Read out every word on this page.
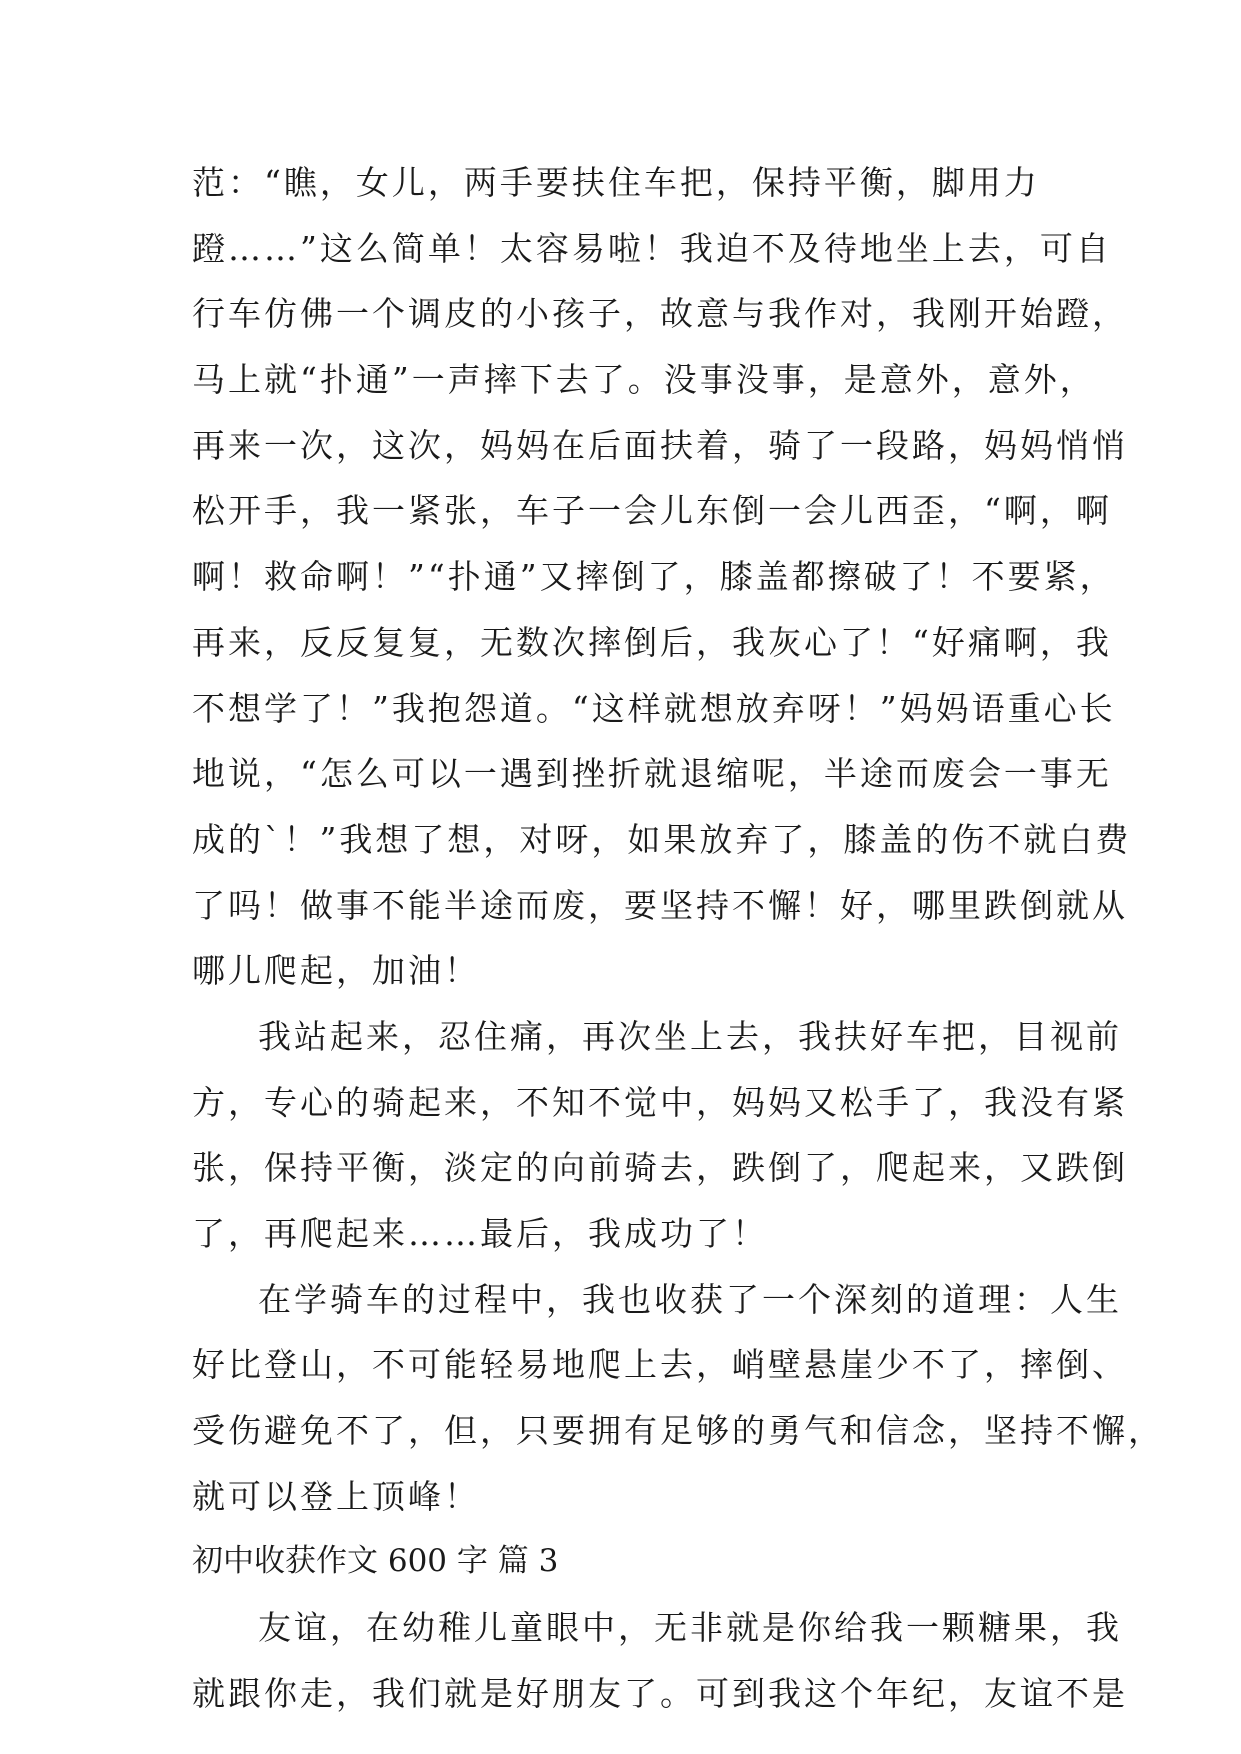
范：“瞧，女儿，两手要扶住车把，保持平衡，脚用力
蹬……”这么简单！太容易啦！我迫不及待地坐上去，可自
行车仿佛一个调皮的小孩子，故意与我作对，我刚开始蹬，
马上就“扑通”一声摔下去了。没事没事，是意外，意外，
再来一次，这次，妈妈在后面扶着，骑了一段路，妈妈悄悄
松开手，我一紧张，车子一会儿东倒一会儿西歪，“啊，啊
啊！救命啊！”“扑通”又摔倒了，膝盖都擦破了！不要紧，
再来，反反复复，无数次摔倒后，我灰心了！“好痛啊，我
不想学了！”我抱怨道。“这样就想放弃呀！”妈妈语重心长
地说，“怎么可以一遇到挫折就退缩呢，半途而废会一事无
成的`！”我想了想，对呀，如果放弃了，膝盖的伤不就白费
了吗！做事不能半途而废，要坚持不懈！好，哪里跌倒就从
哪儿爬起，加油！
我站起来，忍住痛，再次坐上去，我扶好车把，目视前
方，专心的骑起来，不知不觉中，妈妈又松手了，我没有紧
张，保持平衡，淡定的向前骑去，跌倒了，爬起来，又跌倒
了，再爬起来……最后，我成功了！
在学骑车的过程中，我也收获了一个深刻的道理：人生
好比登山，不可能轻易地爬上去，峭壁悬崖少不了，摔倒、
受伤避免不了，但，只要拥有足够的勇气和信念，坚持不懈，
就可以登上顶峰！
初中收获作文 600 字 篇 3
友谊，在幼稚儿童眼中，无非就是你给我一颗糖果，我
就跟你走，我们就是好朋友了。可到我这个年纪，友谊不是
